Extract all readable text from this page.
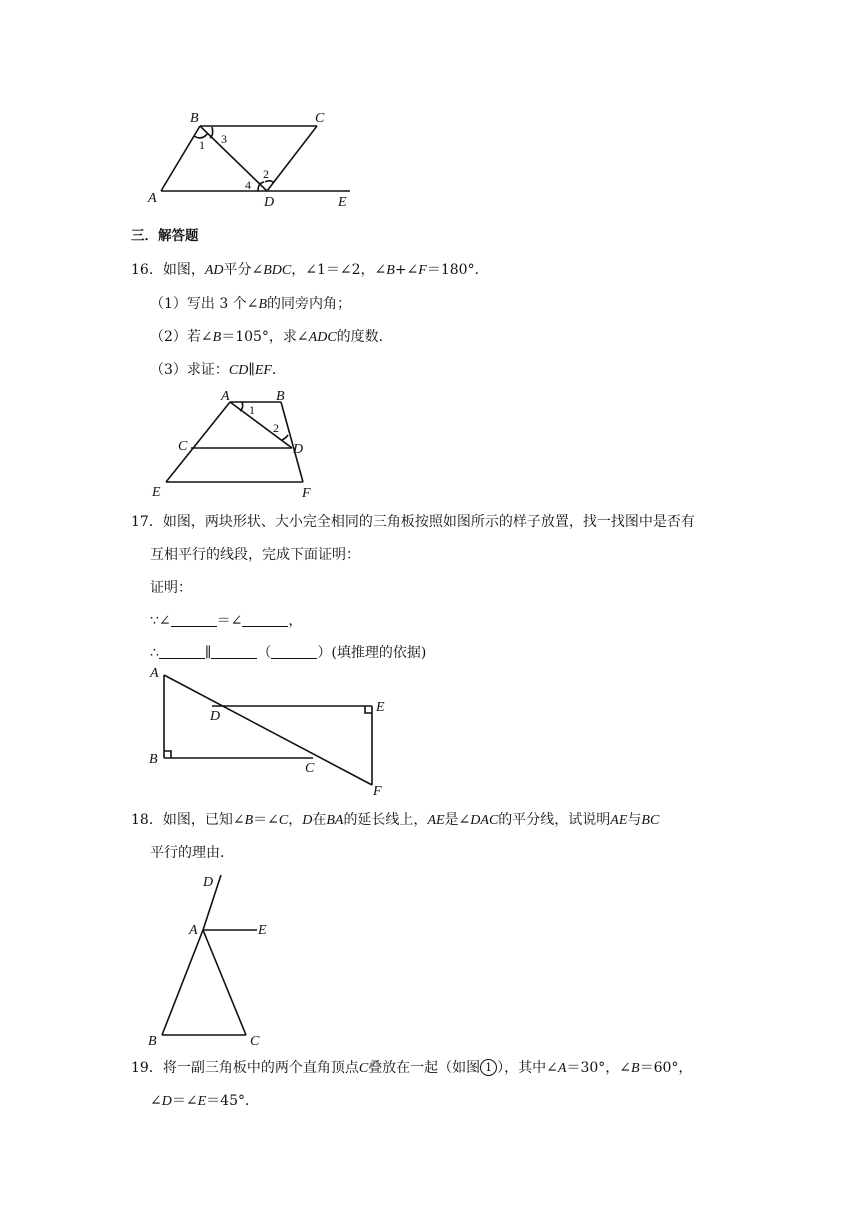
B	C
A	D	E
1 3
2
4
三．解答题
16．如图，AD平分∠BDC，∠1＝∠2，∠B+∠F＝180°．
（1）写出 3 个∠B的同旁内角；
（2）若∠B＝105°，求∠ADC的度数．
（3）求证：CD∥EF．
A	B
C	D
E	F
1
2
17．如图，两块形状、大小完全相同的三角板按照如图所示的样子放置，找一找图中是否有
互相平行的线段，完成下面证明：
证明：
∵∠	＝∠	，
∴	∥	（	）(填推理的依据)
A
D
E
B
C
F
18．如图，已知∠B＝∠C，D在BA的延长线上，AE是∠DAC的平分线，试说明AE与BC
平行的理由．
D
A	E
B	C
19．将一副三角板中的两个直角顶点C叠放在一起（如图 1 ），其中∠A＝30°，∠B＝60°，
∠D＝∠E＝45°．
